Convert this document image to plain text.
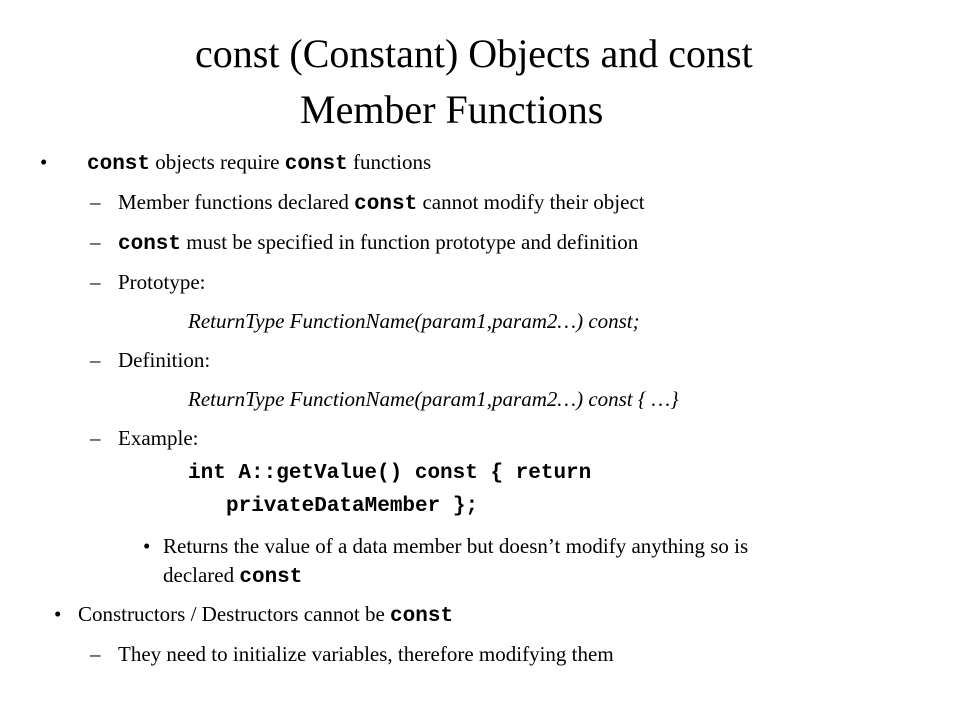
const (Constant) Objects and const
Member Functions
• const objects require const functions
– Member functions declared const cannot modify their object
– const must be specified in function prototype and definition
– Prototype:
ReturnType FunctionName(param1,param2…) const;
– Definition:
ReturnType FunctionName(param1,param2…) const { …}
– Example:
int A::getValue() const { return
privateDataMember };
• Returns the value of a data member but doesn’t modify anything so is
declared const
• Constructors / Destructors cannot be const
– They need to initialize variables, therefore modifying them
